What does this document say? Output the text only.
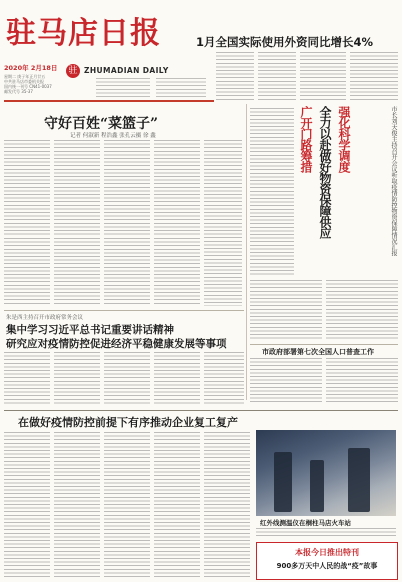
驻马店日报	1月全国实际使用外资同比增长4%
2020年 2月18日 驻 ZHUMADIAN DAILY
星期二 庚子年正月廿五
中共驻马店市委机关报
国内统一刊号 CN41-0037
邮发代号 35-37
守好百姓“菜篮子”
记者 何淑新 程浩鑫 张孔云摄 徐 鑫	广开门路筹措 全力以赴做好物资保障供应 强化科学调度	市长刘天俊主持召开会议听取疫情防控物资保障情况汇报
市政府部署第七次全国人口普查工作
朱是西主持召开市政府常务会议
集中学习习近平总书记重要讲话精神
研究应对疫情防控促进经济平稳健康发展等事项
在做好疫情防控前提下有序推动企业复工复产
红外线测温仪在桐柱马店火车站
本报今日推出特刊
900多万天中人民的战“疫”故事
